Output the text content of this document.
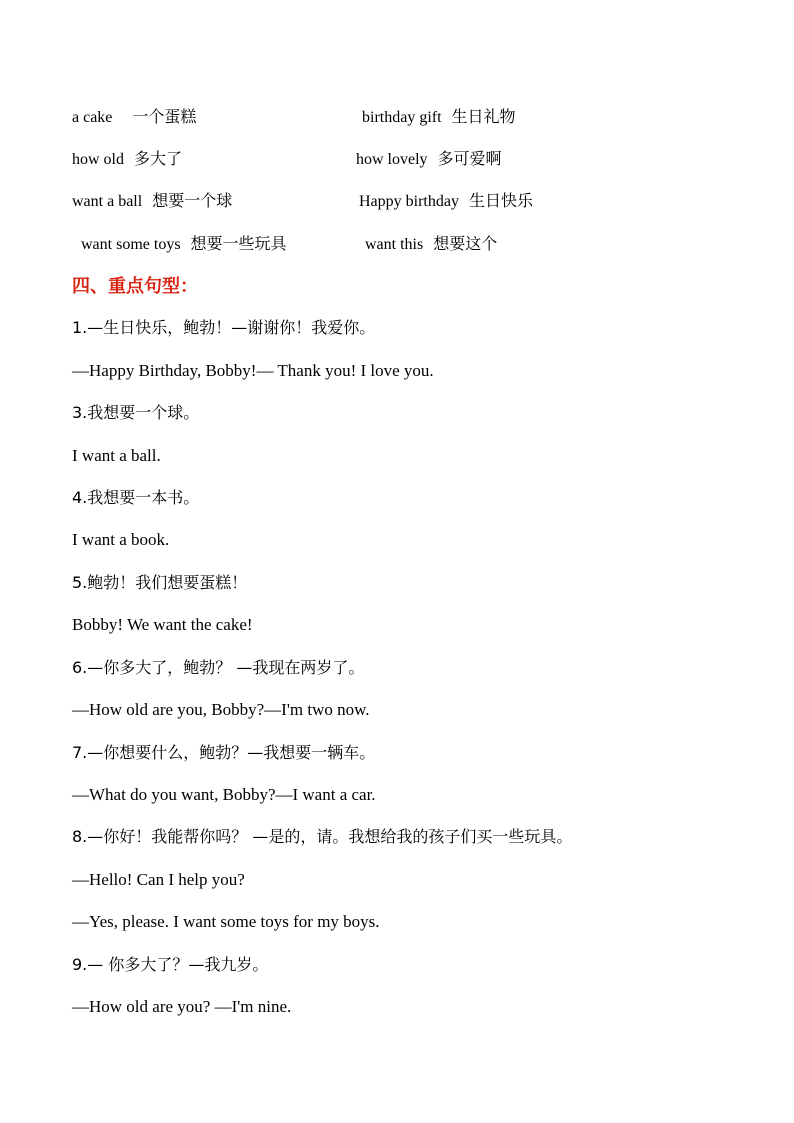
a cake 一个蛋糕	birthday gift 生日礼物
how old 多大了	how lovely 多可爱啊
want a ball 想要一个球	Happy birthday 生日快乐
want some toys 想要一些玩具	want this 想要这个
四、重点句型：
1.—生日快乐，鲍勃！—谢谢你！我爱你。
—Happy Birthday, Bobby!— Thank you! I love you.
3.我想要一个球。
I want a ball.
4.我想要一本书。
I want a book.
5.鲍勃！我们想要蛋糕！
Bobby! We want the cake!
6.—你多大了，鲍勃？ —我现在两岁了。
—How old are you, Bobby?—I'm two now.
7.—你想要什么，鲍勃？—我想要一辆车。
—What do you want, Bobby?—I want a car.
8.—你好！我能帮你吗？ —是的，请。我想给我的孩子们买一些玩具。
—Hello! Can I help you?
—Yes, please. I want some toys for my boys.
9.— 你多大了？—我九岁。
—How old are you? —I'm nine.
